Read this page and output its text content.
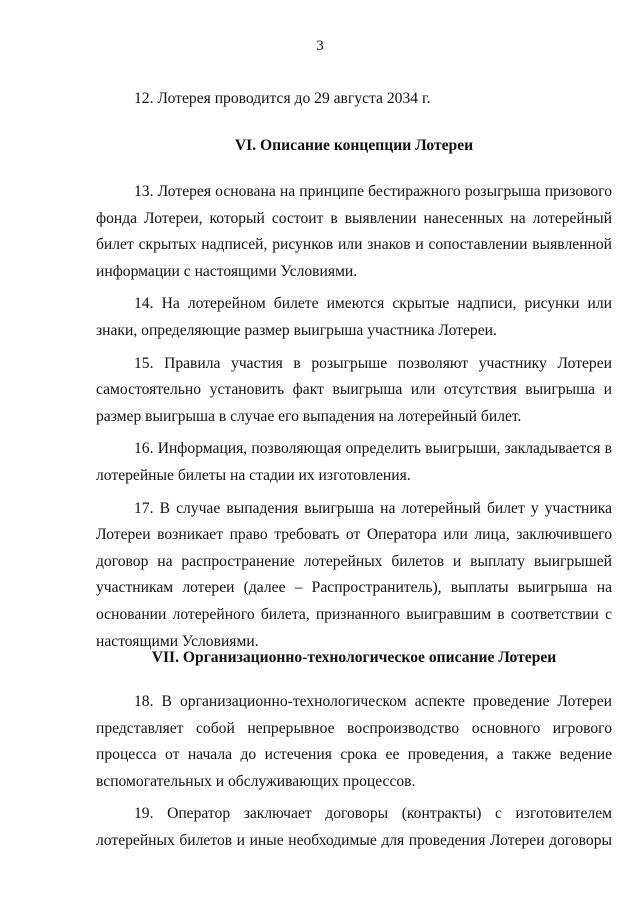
3

12. Лотерея проводится до 29 августа 2034 г.

VI. Описание концепции Лотереи

13. Лотерея основана на принципе бестиражного розыгрыша призового фонда Лотереи, который состоит в выявлении нанесенных на лотерейный билет скрытых надписей, рисунков или знаков и сопоставлении выявленной информации с настоящими Условиями.

14. На лотерейном билете имеются скрытые надписи, рисунки или знаки, определяющие размер выигрыша участника Лотереи.

15. Правила участия в розыгрыше позволяют участнику Лотереи самостоятельно установить факт выигрыша или отсутствия выигрыша и размер выигрыша в случае его выпадения на лотерейный билет.

16. Информация, позволяющая определить выигрыши, закладывается в лотерейные билеты на стадии их изготовления.

17. В случае выпадения выигрыша на лотерейный билет у участника Лотереи возникает право требовать от Оператора или лица, заключившего договор на распространение лотерейных билетов и выплату выигрышей участникам лотереи (далее – Распространитель), выплаты выигрыша на основании лотерейного билета, признанного выигравшим в соответствии с настоящими Условиями.

VII. Организационно-технологическое описание Лотереи

18. В организационно-технологическом аспекте проведение Лотереи представляет собой непрерывное воспроизводство основного игрового процесса от начала до истечения срока ее проведения, а также ведение вспомогательных и обслуживающих процессов.

19. Оператор заключает договоры (контракты) с изготовителем лотерейных билетов и иные необходимые для проведения Лотереи договоры
